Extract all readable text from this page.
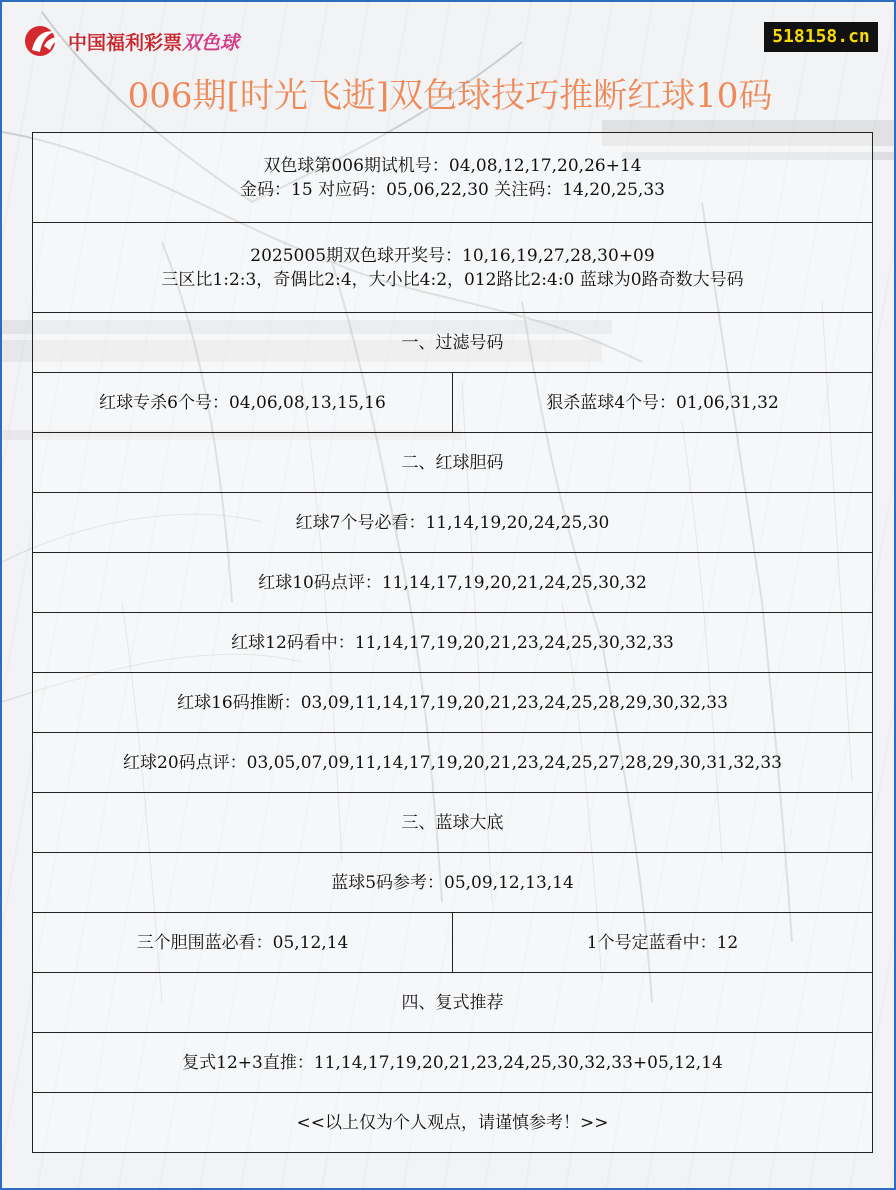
中国福利彩票双色球	518158.cn
006期[时光飞逝]双色球技巧推断红球10码
双色球第006期试机号：04,08,12,17,20,26+14
金码：15 对应码：05,06,22,30 关注码：14,20,25,33	

2025005期双色球开奖号：10,16,19,27,28,30+09
三区比1:2:3，奇偶比2:4，大小比4:2，012路比2:4:0 蓝球为0路奇数大号码	

一、过滤号码	
红球专杀6个号：04,06,08,13,15,16	狠杀蓝球4个号：01,06,31,32
二、红球胆码	
红球7个号必看：11,14,19,20,24,25,30	
红球10码点评：11,14,17,19,20,21,24,25,30,32	
红球12码看中：11,14,17,19,20,21,23,24,25,30,32,33	
红球16码推断：03,09,11,14,17,19,20,21,23,24,25,28,29,30,32,33	
红球20码点评：03,05,07,09,11,14,17,19,20,21,23,24,25,27,28,29,30,31,32,33	
三、蓝球大底	
蓝球5码参考：05,09,12,13,14	
三个胆围蓝必看：05,12,14	1个号定蓝看中：12
四、复式推荐	
复式12+3直推：11,14,17,19,20,21,23,24,25,30,32,33+05,12,14	
<<以上仅为个人观点，请谨慎参考！>>	
